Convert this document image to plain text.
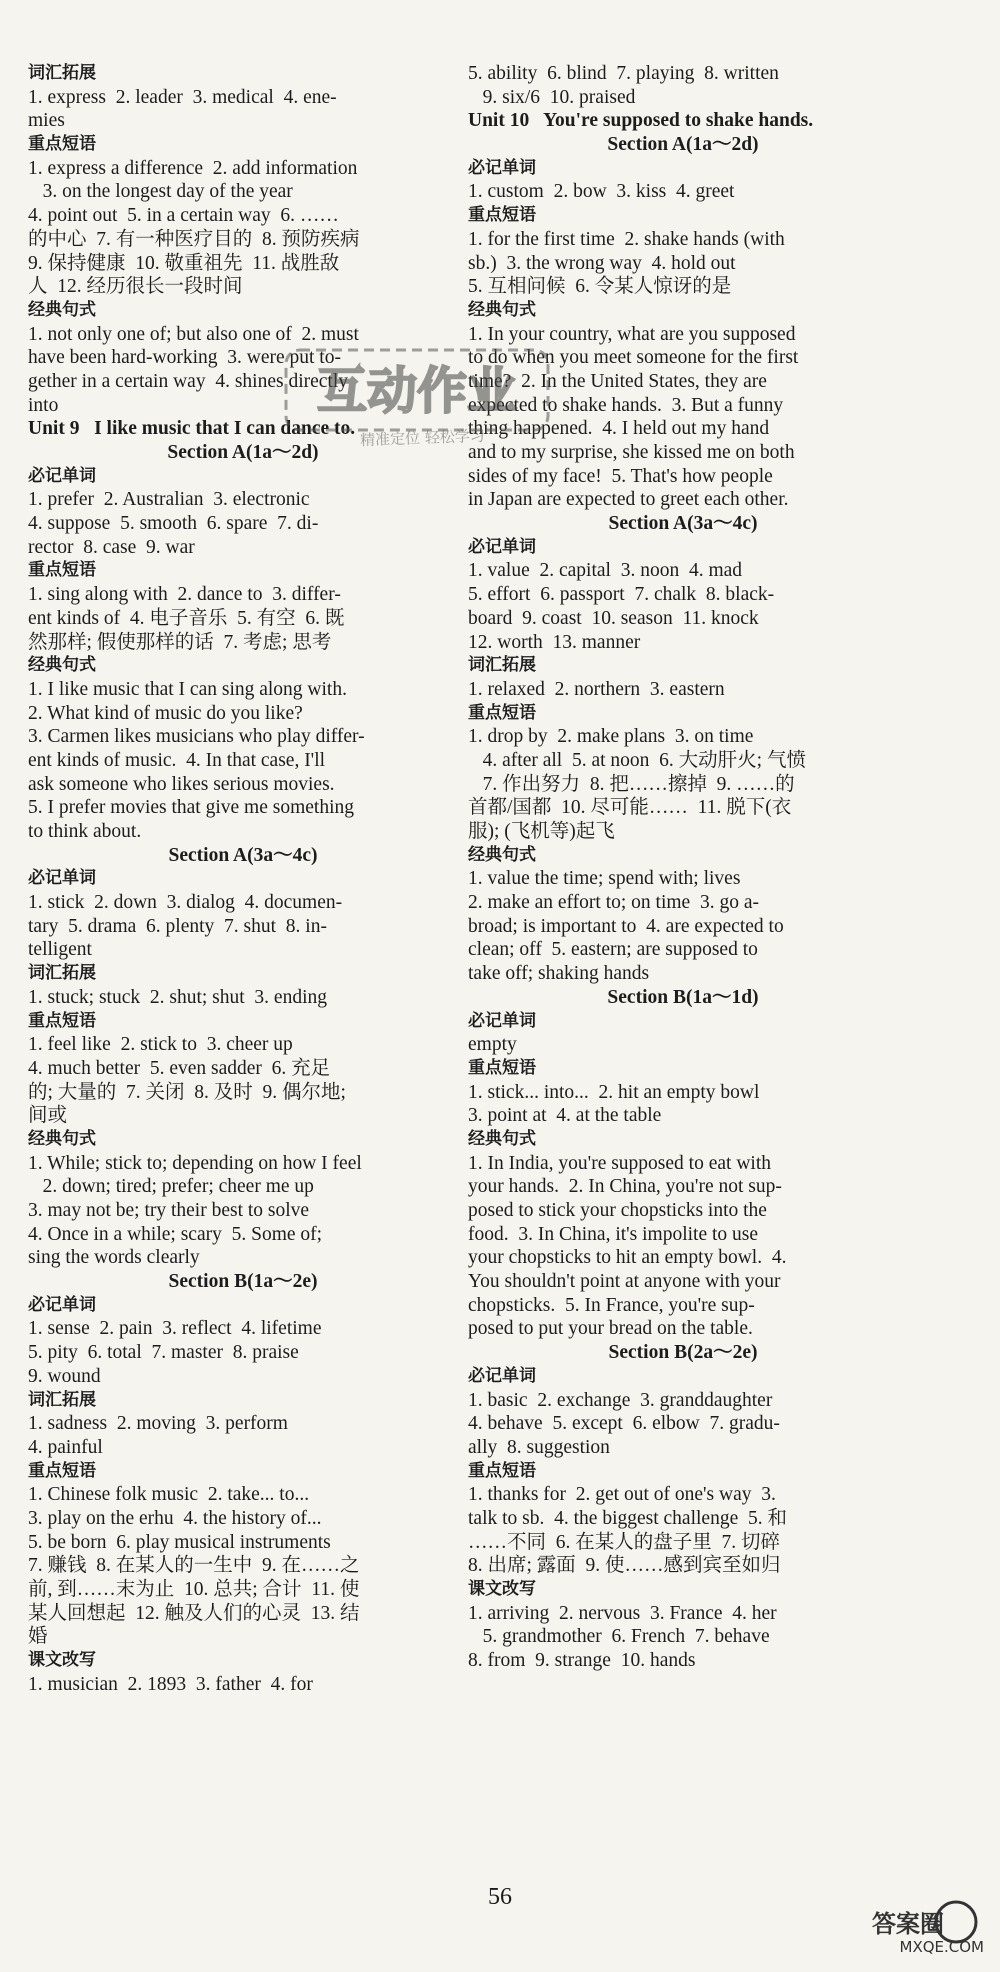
词汇拓展
1. express  2. leader  3. medical  4. ene-
mies
重点短语
1. express a difference  2. add information
3. on the longest day of the year
4. point out  5. in a certain way  6. ……
的中心  7. 有一种医疗目的  8. 预防疾病
9. 保持健康  10. 敬重祖先  11. 战胜敌
人  12. 经历很长一段时间
经典句式
1. not only one of; but also one of  2. must
have been hard-working  3. were put to-
gether in a certain way  4. shines directly
into
Unit 9   I like music that I can dance to.
Section A(1a～2d)
必记单词
1. prefer  2. Australian  3. electronic
4. suppose  5. smooth  6. spare  7. di-
rector  8. case  9. war
重点短语
1. sing along with  2. dance to  3. differ-
ent kinds of  4. 电子音乐  5. 有空  6. 既
然那样; 假使那样的话  7. 考虑; 思考
经典句式
1. I like music that I can sing along with.
2. What kind of music do you like?
3. Carmen likes musicians who play differ-
ent kinds of music.  4. In that case, I'll
ask someone who likes serious movies.
5. I prefer movies that give me something
to think about.
Section A(3a～4c)
必记单词
1. stick  2. down  3. dialog  4. documen-
tary  5. drama  6. plenty  7. shut  8. in-
telligent
词汇拓展
1. stuck; stuck  2. shut; shut  3. ending
重点短语
1. feel like  2. stick to  3. cheer up
4. much better  5. even sadder  6. 充足
的; 大量的  7. 关闭  8. 及时  9. 偶尔地;
间或
经典句式
1. While; stick to; depending on how I feel
2. down; tired; prefer; cheer me up
3. may not be; try their best to solve
4. Once in a while; scary  5. Some of;
sing the words clearly
Section B(1a～2e)
必记单词
1. sense  2. pain  3. reflect  4. lifetime
5. pity  6. total  7. master  8. praise
9. wound
词汇拓展
1. sadness  2. moving  3. perform
4. painful
重点短语
1. Chinese folk music  2. take... to...
3. play on the erhu  4. the history of...
5. be born  6. play musical instruments
7. 赚钱  8. 在某人的一生中  9. 在……之
前, 到……末为止  10. 总共; 合计  11. 使
某人回想起  12. 触及人们的心灵  13. 结
婚
课文改写
1. musician  2. 1893  3. father  4. for
5. ability  6. blind  7. playing  8. written
9. six/6  10. praised
Unit 10   You're supposed to shake hands.
Section A(1a～2d)
必记单词
1. custom  2. bow  3. kiss  4. greet
重点短语
1. for the first time  2. shake hands (with
sb.)  3. the wrong way  4. hold out
5. 互相问候  6. 令某人惊讶的是
经典句式
1. In your country, what are you supposed
to do when you meet someone for the first
time?  2. In the United States, they are
expected to shake hands.  3. But a funny
thing happened.  4. I held out my hand
and to my surprise, she kissed me on both
sides of my face!  5. That's how people
in Japan are expected to greet each other.
Section A(3a～4c)
必记单词
1. value  2. capital  3. noon  4. mad
5. effort  6. passport  7. chalk  8. black-
board  9. coast  10. season  11. knock
12. worth  13. manner
词汇拓展
1. relaxed  2. northern  3. eastern
重点短语
1. drop by  2. make plans  3. on time
4. after all  5. at noon  6. 大动肝火; 气愤
7. 作出努力  8. 把……擦掉  9. ……的
首都/国都  10. 尽可能……  11. 脱下(衣
服); (飞机等)起飞
经典句式
1. value the time; spend with; lives
2. make an effort to; on time  3. go a-
broad; is important to  4. are expected to
clean; off  5. eastern; are supposed to
take off; shaking hands
Section B(1a～1d)
必记单词
empty
重点短语
1. stick... into...  2. hit an empty bowl
3. point at  4. at the table
经典句式
1. In India, you're supposed to eat with
your hands.  2. In China, you're not sup-
posed to stick your chopsticks into the
food.  3. In China, it's impolite to use
your chopsticks to hit an empty bowl.  4.
You shouldn't point at anyone with your
chopsticks.  5. In France, you're sup-
posed to put your bread on the table.
Section B(2a～2e)
必记单词
1. basic  2. exchange  3. granddaughter
4. behave  5. except  6. elbow  7. gradu-
ally  8. suggestion
重点短语
1. thanks for  2. get out of one's way  3.
talk to sb.  4. the biggest challenge  5. 和
……不同  6. 在某人的盘子里  7. 切碎
8. 出席; 露面  9. 使……感到宾至如归
课文改写
1. arriving  2. nervous  3. France  4. her
5. grandmother  6. French  7. behave
8. from  9. strange  10. hands
互动作业
精准定位 轻松学习
56
答案圈
MXQE.COM
